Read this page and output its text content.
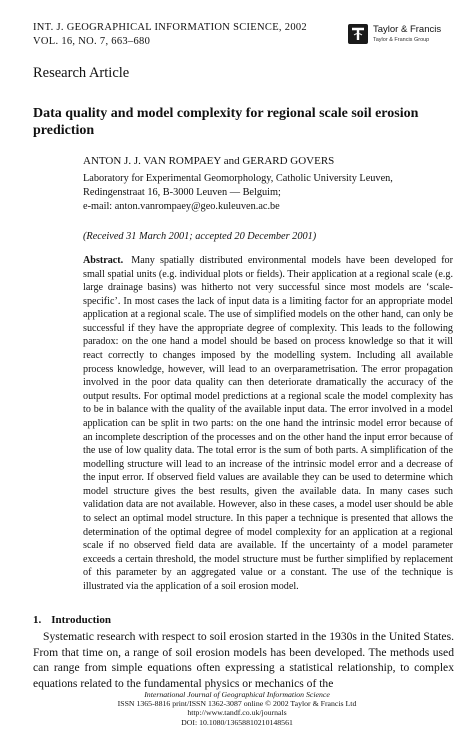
INT. J. GEOGRAPHICAL INFORMATION SCIENCE, 2002
VOL. 16, NO. 7, 663–680
Taylor & Francis
Taylor & Francis Group
Research Article
Data quality and model complexity for regional scale soil erosion prediction
ANTON J. J. VAN ROMPAEY and GERARD GOVERS
Laboratory for Experimental Geomorphology, Catholic University Leuven,
Redingenstraat 16, B-3000 Leuven — Belguim;
e-mail: anton.vanrompaey@geo.kuleuven.ac.be
(Received 31 March 2001; accepted 20 December 2001)
Abstract. Many spatially distributed environmental models have been developed for small spatial units (e.g. individual plots or fields). Their application at a regional scale (e.g. large drainage basins) was hitherto not very successful since most models are ‘scale-specific’. In most cases the lack of input data is a limiting factor for an appropriate model application at a regional scale. The use of simplified models on the other hand, can only be successful if they have the appropriate degree of complexity. This leads to the following paradox: on the one hand a model should be based on process knowledge so that it will react correctly to changes imposed by the modelling system. Including all available process knowledge, however, will lead to an overparametrisation. The error propagation involved in the poor data quality can then deteriorate dramatically the accuracy of the output results. For optimal model predictions at a regional scale the model complexity has to be in balance with the quality of the available input data. The error involved in a model application can be split in two parts: on the one hand the intrinsic model error because of an incomplete description of the processes and on the other hand the input error because of the use of low quality data. The total error is the sum of both parts. A simplification of the modelling structure will lead to an increase of the intrinsic model error and a decrease of the input error. If observed field values are available they can be used to determine which model structure gives the best results, given the available data. In many cases such validation data are not available. However, also in these cases, a model user should be able to select an optimal model structure. In this paper a technique is presented that allows the determination of the optimal degree of model complexity for an application at a regional scale if no observed field data are available. If the uncertainty of a model parameter exceeds a certain threshold, the model structure must be further simplified by replacement of this parameter by an aggregated value or a constant. The use of the technique is illustrated via the application of a soil erosion model.
1. Introduction
Systematic research with respect to soil erosion started in the 1930s in the United States. From that time on, a range of soil erosion models has been developed. The methods used can range from simple equations often expressing a statistical relationship, to complex equations related to the fundamental physics or mechanics of the
International Journal of Geographical Information Science
ISSN 1365-8816 print/ISSN 1362-3087 online © 2002 Taylor & Francis Ltd
http://www.tandf.co.uk/journals
DOI: 10.1080/13658810210148561
